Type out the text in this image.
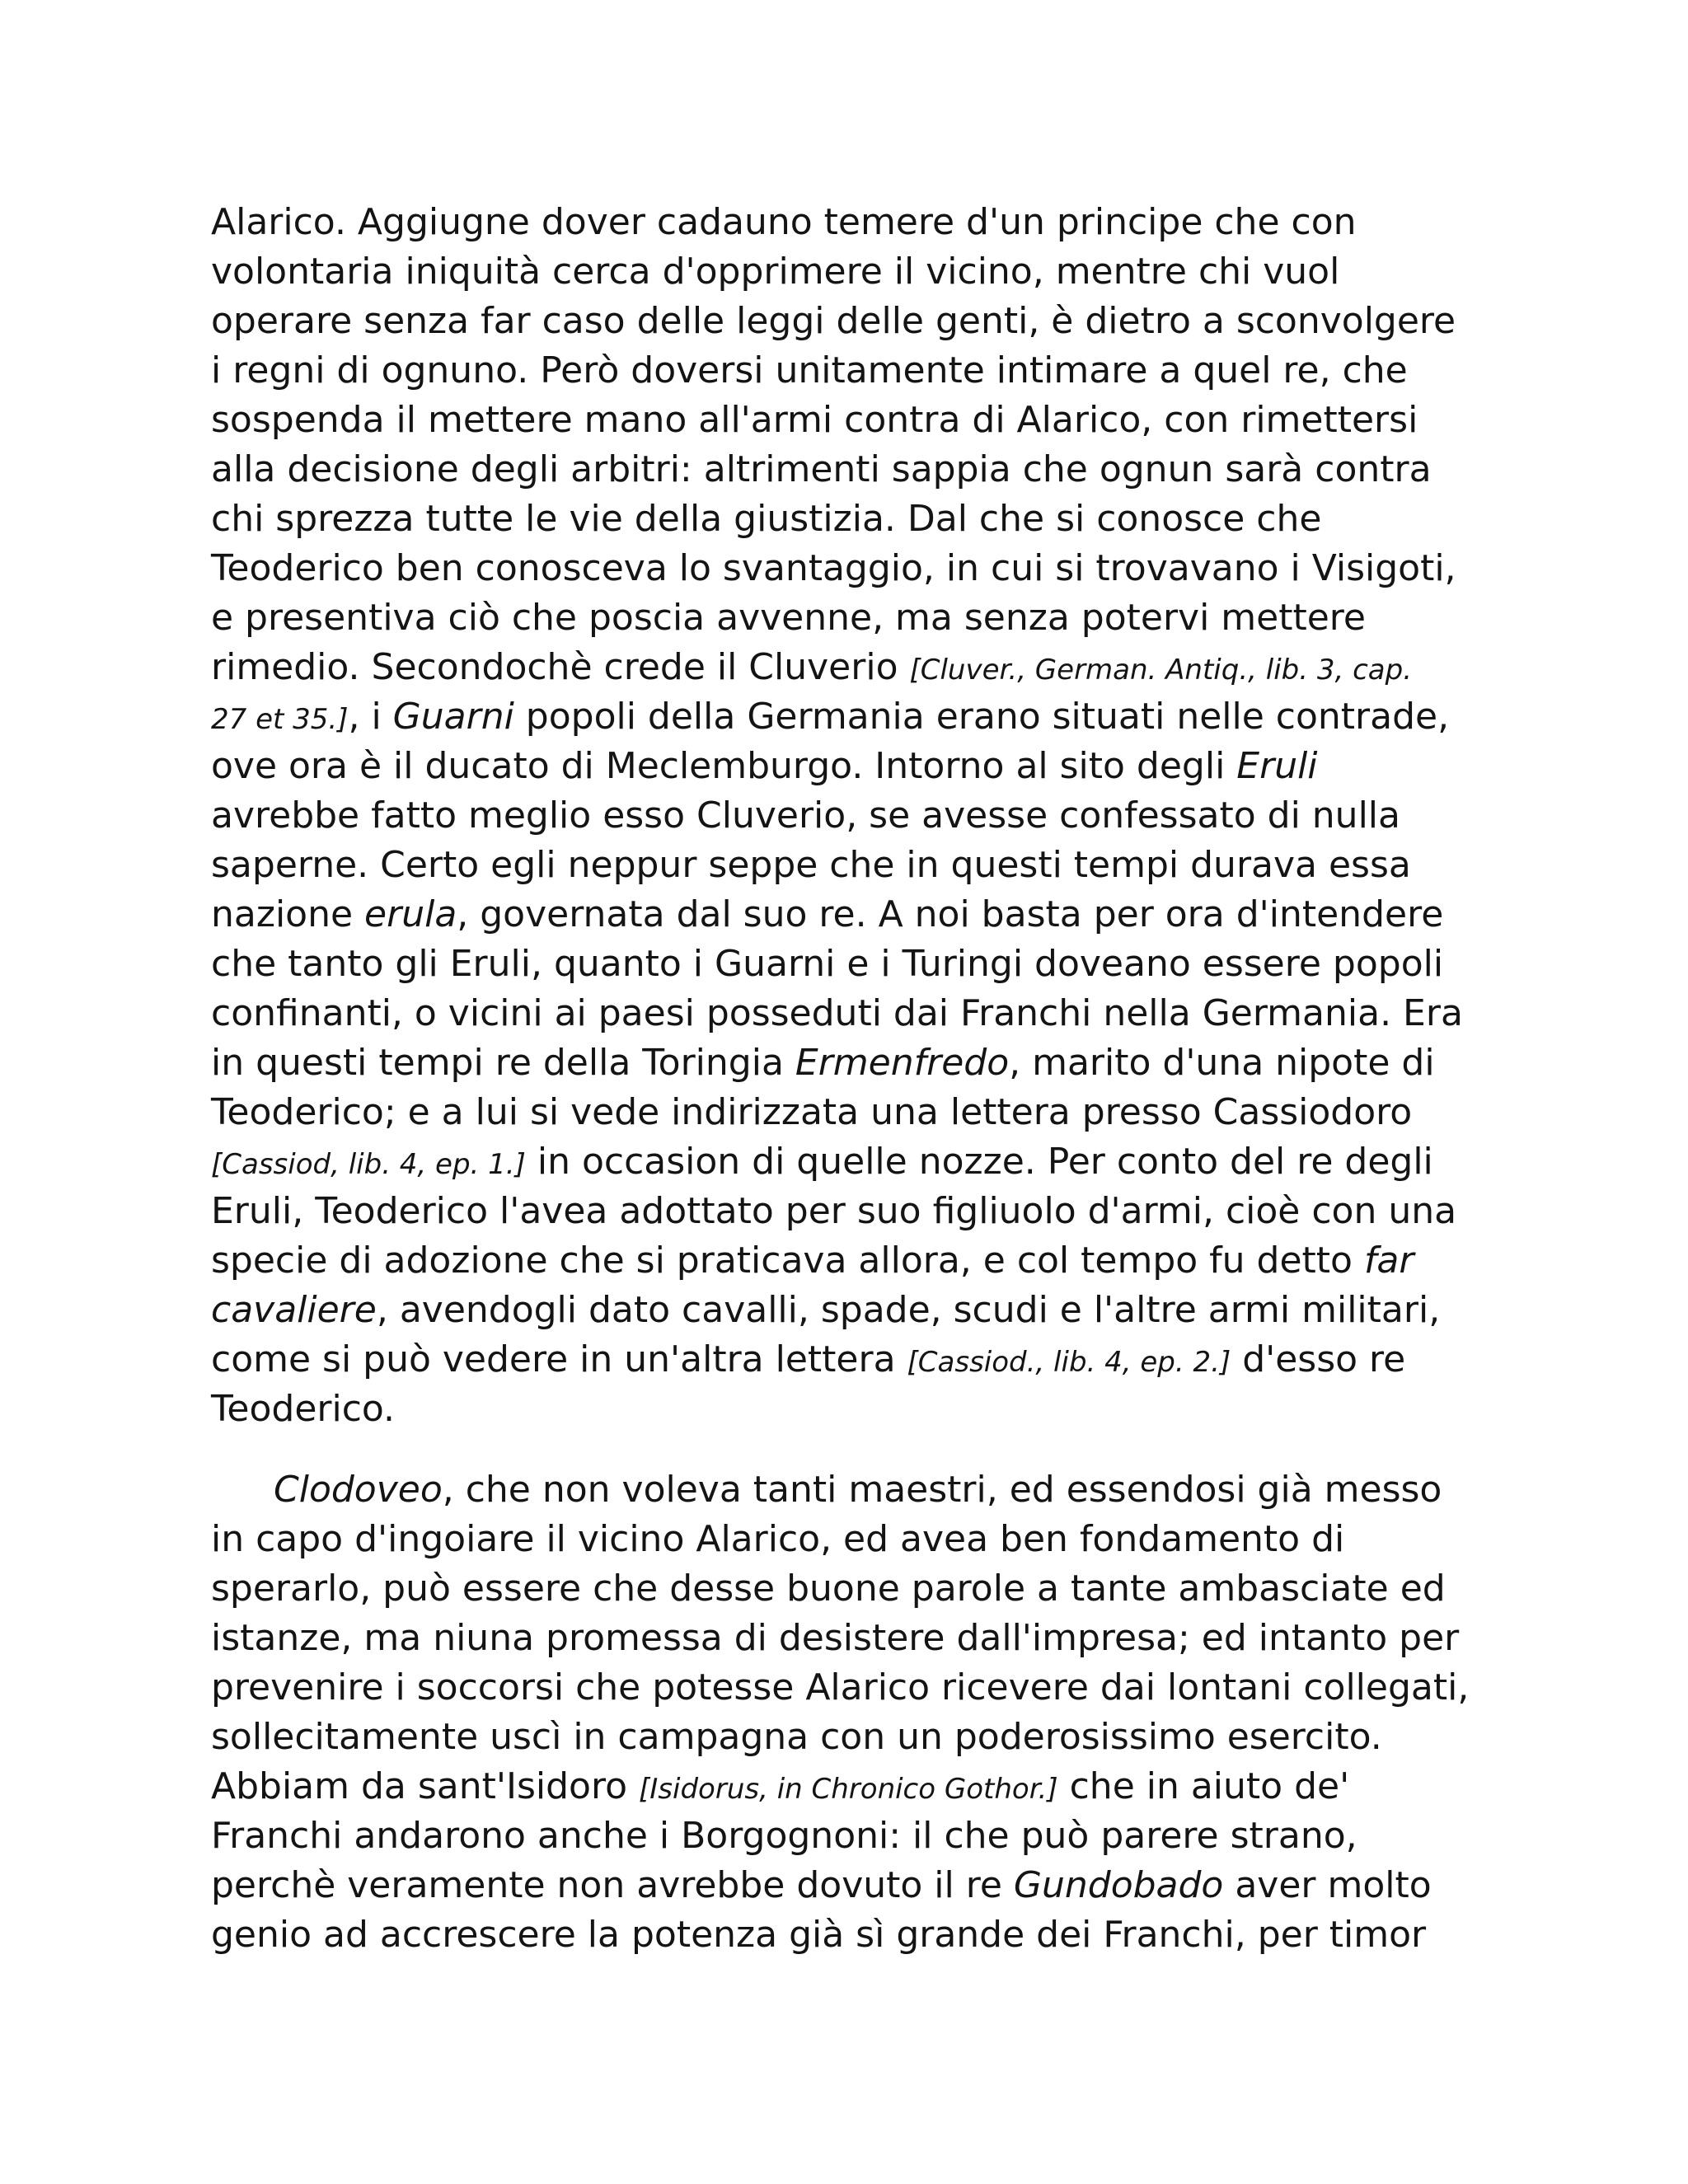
Alarico. Aggiugne dover cadauno temere d'un principe che con
volontaria iniquità cerca d'opprimere il vicino, mentre chi vuol
operare senza far caso delle leggi delle genti, è dietro a sconvolgere
i regni di ognuno. Però doversi unitamente intimare a quel re, che
sospenda il mettere mano all'armi contra di Alarico, con rimettersi
alla decisione degli arbitri: altrimenti sappia che ognun sarà contra
chi sprezza tutte le vie della giustizia. Dal che si conosce che
Teoderico ben conosceva lo svantaggio, in cui si trovavano i Visigoti,
e presentiva ciò che poscia avvenne, ma senza potervi mettere
rimedio. Secondochè crede il Cluverio [Cluver., German. Antiq., lib. 3, cap.
27 et 35.], i Guarni popoli della Germania erano situati nelle contrade,
ove ora è il ducato di Meclemburgo. Intorno al sito degli Eruli
avrebbe fatto meglio esso Cluverio, se avesse confessato di nulla
saperne. Certo egli neppur seppe che in questi tempi durava essa
nazione erula, governata dal suo re. A noi basta per ora d'intendere
che tanto gli Eruli, quanto i Guarni e i Turingi doveano essere popoli
confinanti, o vicini ai paesi posseduti dai Franchi nella Germania. Era
in questi tempi re della Toringia Ermenfredo, marito d'una nipote di
Teoderico; e a lui si vede indirizzata una lettera presso Cassiodoro
[Cassiod, lib. 4, ep. 1.] in occasion di quelle nozze. Per conto del re degli
Eruli, Teoderico l'avea adottato per suo figliuolo d'armi, cioè con una
specie di adozione che si praticava allora, e col tempo fu detto far
cavaliere, avendogli dato cavalli, spade, scudi e l'altre armi militari,
come si può vedere in un'altra lettera [Cassiod., lib. 4, ep. 2.] d'esso re
Teoderico.
Clodoveo, che non voleva tanti maestri, ed essendosi già messo
in capo d'ingoiare il vicino Alarico, ed avea ben fondamento di
sperarlo, può essere che desse buone parole a tante ambasciate ed
istanze, ma niuna promessa di desistere dall'impresa; ed intanto per
prevenire i soccorsi che potesse Alarico ricevere dai lontani collegati,
sollecitamente uscì in campagna con un poderosissimo esercito.
Abbiam da sant'Isidoro [Isidorus, in Chronico Gothor.] che in aiuto de'
Franchi andarono anche i Borgognoni: il che può parere strano,
perchè veramente non avrebbe dovuto il re Gundobado aver molto
genio ad accrescere la potenza già sì grande dei Franchi, per timor
